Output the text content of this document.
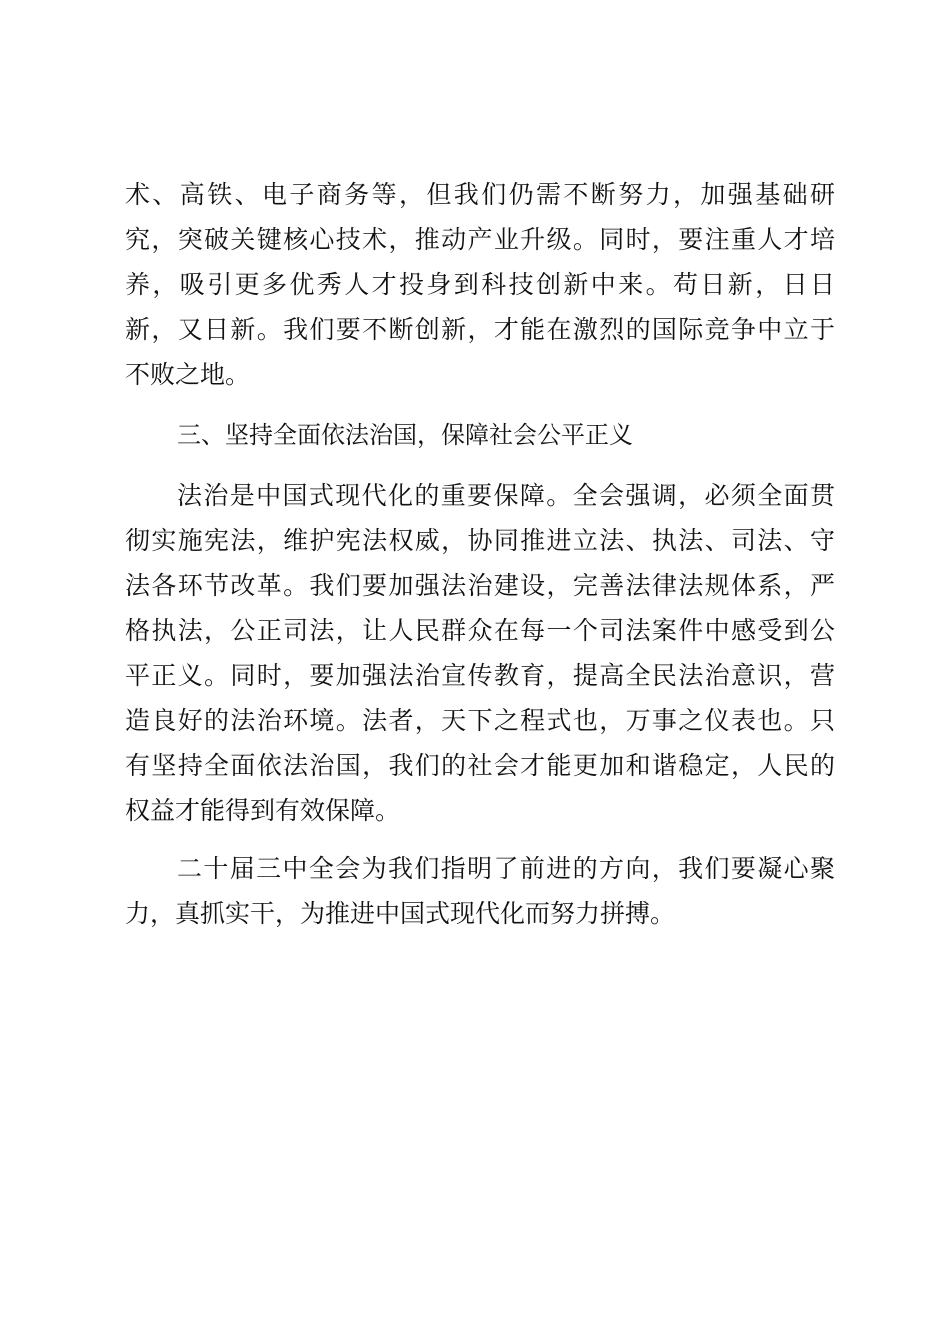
术、高铁、电子商务等，但我们仍需不断努力，加强基础研
究，突破关键核心技术，推动产业升级。同时，要注重人才培
养，吸引更多优秀人才投身到科技创新中来。苟日新，日日
新，又日新。我们要不断创新，才能在激烈的国际竞争中立于
不败之地。
三、坚持全面依法治国，保障社会公平正义
法治是中国式现代化的重要保障。全会强调，必须全面贯
彻实施宪法，维护宪法权威，协同推进立法、执法、司法、守
法各环节改革。我们要加强法治建设，完善法律法规体系，严
格执法，公正司法，让人民群众在每一个司法案件中感受到公
平正义。同时，要加强法治宣传教育，提高全民法治意识，营
造良好的法治环境。法者，天下之程式也，万事之仪表也。只
有坚持全面依法治国，我们的社会才能更加和谐稳定，人民的
权益才能得到有效保障。
二十届三中全会为我们指明了前进的方向，我们要凝心聚
力，真抓实干，为推进中国式现代化而努力拼搏。
